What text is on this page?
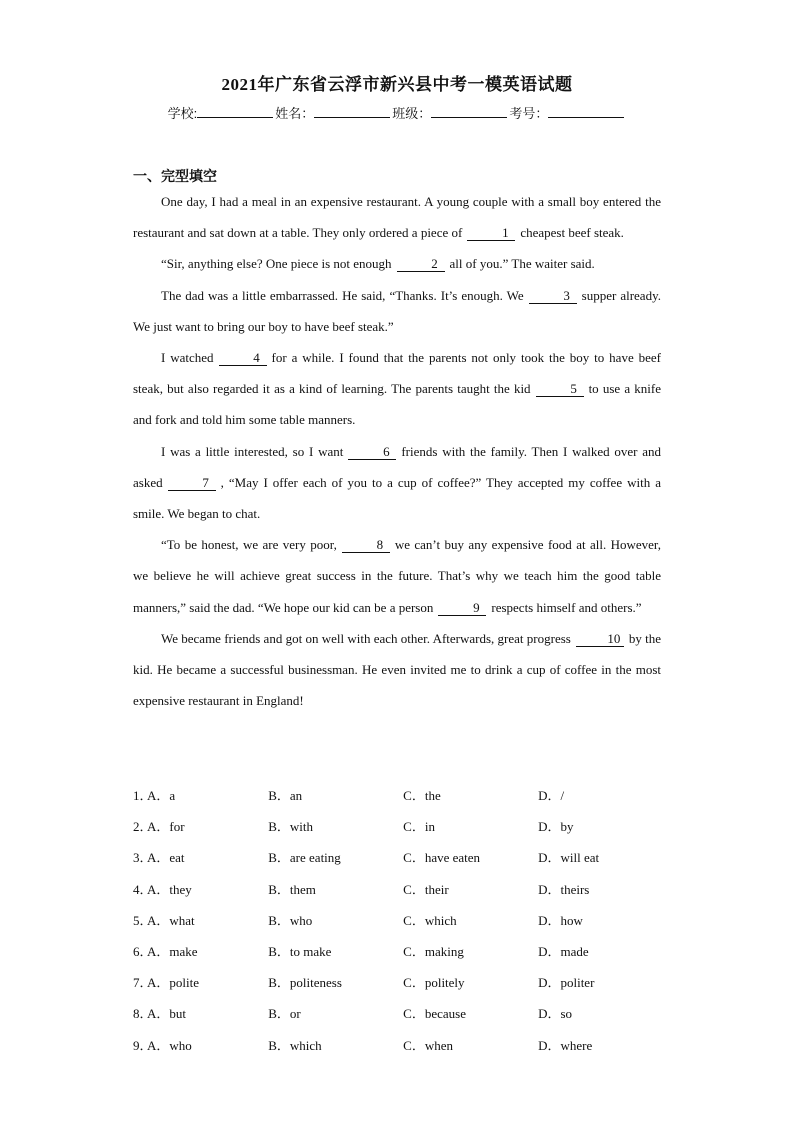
2021年广东省云浮市新兴县中考一模英语试题
学校:	姓名：	班级：	考号：
一、完型填空

One day, I had a meal in an expensive restaurant. A young couple with a small boy entered the restaurant and sat down at a table. They only ordered a piece of	1 cheapest beef steak.

“Sir, anything else? One piece is not enough	2 all of you.” The waiter said.

The dad was a little embarrassed. He said, “Thanks. It’s enough. We	3 supper already. We just want to bring our boy to have beef steak.”

I watched	4 for a while. I found that the parents not only took the boy to have beef steak, but also regarded it as a kind of learning. The parents taught the kid	5 to use a knife and fork and told him some table manners.

I was a little interested, so I want	6 friends with the family. Then I walked over and asked	7 , “May I offer each of you to a cup of coffee?” They accepted my coffee with a smile. We began to chat.

“To be honest, we are very poor,	8 we can’t buy any expensive food at all. However, we believe he will achieve great success in the future. That’s why we teach him the good table manners,” said the dad. “We hope our kid can be a person	9 respects himself and others.”

We became friends and got on well with each other. Afterwards, great progress	10 by the kid. He became a successful businessman. He even invited me to drink a cup of coffee in the most expensive restaurant in England!

1．
A．a	B．an	C．the	D．/
2．
A．for	B．with	C．in	D．by
3．
A．eat	B．are eating	C．have eaten	D．will eat
4．
A．they	B．them	C．their	D．theirs
5．
A．what	B．who	C．which	D．how
6．
A．make	B．to make	C．making	D．made
7．
A．polite	B．politeness	C．politely	D．politer
8．
A．but	B．or	C．because	D．so
9．
A．who	B．which	C．when	D．where
